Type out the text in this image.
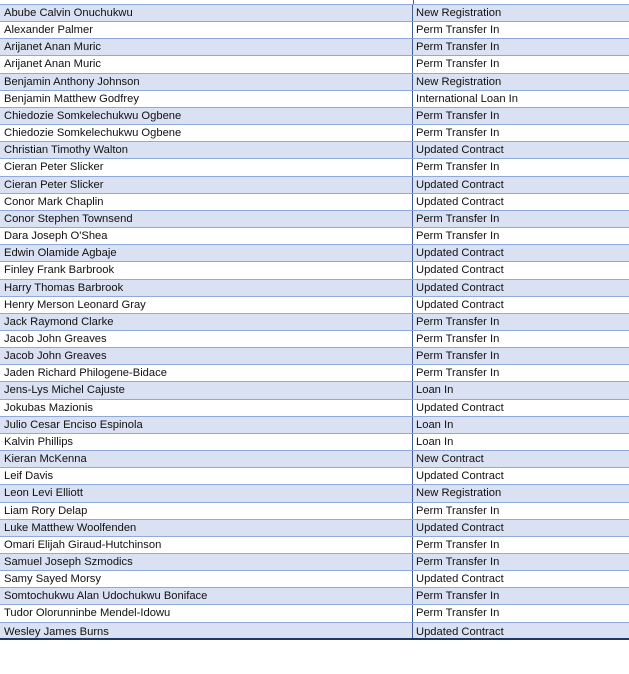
Abube Calvin Onuchukwu	New Registration
Alexander Palmer	Perm Transfer In
Arijanet Anan Muric	Perm Transfer In
Arijanet Anan Muric	Perm Transfer In
Benjamin Anthony Johnson	New Registration
Benjamin Matthew Godfrey	International Loan In
Chiedozie Somkelechukwu Ogbene	Perm Transfer In
Chiedozie Somkelechukwu Ogbene	Perm Transfer In
Christian Timothy Walton	Updated Contract
Cieran Peter Slicker	Perm Transfer In
Cieran Peter Slicker	Updated Contract
Conor Mark Chaplin	Updated Contract
Conor Stephen Townsend	Perm Transfer In
Dara Joseph O'Shea	Perm Transfer In
Edwin Olamide Agbaje	Updated Contract
Finley Frank Barbrook	Updated Contract
Harry Thomas Barbrook	Updated Contract
Henry Merson Leonard Gray	Updated Contract
Jack Raymond Clarke	Perm Transfer In
Jacob John Greaves	Perm Transfer In
Jacob John Greaves	Perm Transfer In
Jaden Richard Philogene-Bidace	Perm Transfer In
Jens-Lys Michel Cajuste	Loan In
Jokubas Mazionis	Updated Contract
Julio Cesar Enciso Espinola	Loan In
Kalvin Phillips	Loan In
Kieran McKenna	New Contract
Leif Davis	Updated Contract
Leon Levi Elliott	New Registration
Liam Rory Delap	Perm Transfer In
Luke Matthew Woolfenden	Updated Contract
Omari Elijah Giraud-Hutchinson	Perm Transfer In
Samuel Joseph Szmodics	Perm Transfer In
Samy Sayed Morsy	Updated Contract
Somtochukwu Alan Udochukwu Boniface	Perm Transfer In
Tudor Olorunninbe Mendel-Idowu	Perm Transfer In
Wesley James Burns	Updated Contract
